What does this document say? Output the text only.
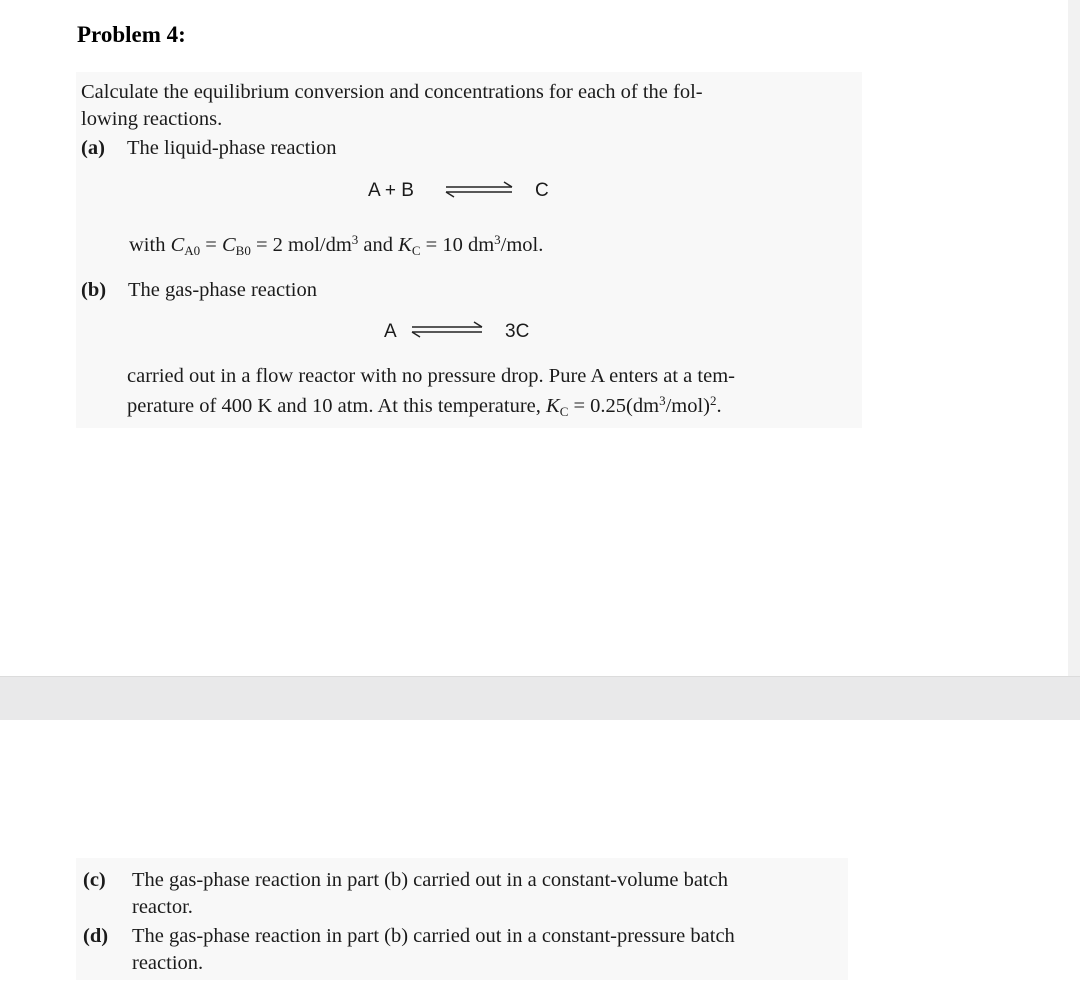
Problem 4:
Calculate the equilibrium conversion and concentrations for each of the fol-
lowing reactions.
(a) The liquid-phase reaction
A + B	C
with $C_{A0} = C_{B0} = 2$ mol/$dm^3$ and $K_C = 10$ $dm^3$/mol.
(b) The gas-phase reaction
A	3C
carried out in a flow reactor with no pressure drop. Pure A enters at a tem-
perature of 400 K and 10 atm. At this temperature, $K_C = 0.25(dm^3/mol)^2$.
(c) The gas-phase reaction in part (b) carried out in a constant-volume batch
reactor.
(d) The gas-phase reaction in part (b) carried out in a constant-pressure batch
reaction.
